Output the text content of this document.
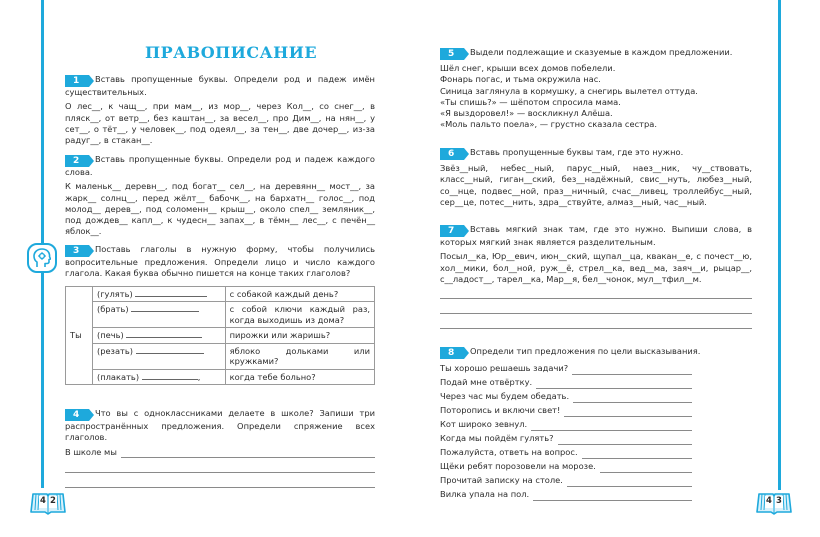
ПРАВОПИСАНИЕ
1 Вставь пропущенные буквы. Определи род и падеж имён существительных.
О лес__, к чащ__, при мам__, из мор__, через Кол__, со снег__, в пляск__, от ветр__, без каштан__, за весел__, про Дим__, на нян__, у сет__, о тёт__, у человек__, под одеял__, за тен__, две дочер__, из-за радуг__, в стакан__.
2 Вставь пропущенные буквы. Определи род и падеж каждого слова.
К маленьк__ деревн__, под богат__ сел__, на деревянн__ мост__, за жарк__ солнц__, перед жёлт__ бабочк__, на бархатн__ голос__, под молод__ дерев__, под соломенн__ крыш__, около спел__ земляник__, под дождев__ капл__, к чудесн__ запах__, в тёмн__ лес__, с печён__ яблок__.
3 Поставь глаголы в нужную форму, чтобы получились вопросительные предложения. Определи лицо и число каждого глагола. Какая буква обычно пишется на конце таких глаголов?
Ты	(гулять)	с собакой каждый день?
	(брать)	с собой ключи каждый раз, когда выходишь из дома?
	(печь)	пирожки или жаришь?
	(резать)	яблоко дольками или кружками?
	(плакать) ,	когда тебе больно?
4 Что вы с одноклассниками делаете в школе? Запиши три распространённых предложения. Определи спряжение всех глаголов.
В школе мы
4 2
5 Выдели подлежащие и сказуемые в каждом предложении.
Шёл снег, крыши всех домов побелели.
Фонарь погас, и тьма окружила нас.
Синица заглянула в кормушку, а снегирь вылетел оттуда.
«Ты спишь?» — шёпотом спросила мама.
«Я выздоровел!» — воскликнул Алёша.
«Моль пальто поела», — грустно сказала сестра.
6 Вставь пропущенные буквы там, где это нужно.
Звёз__ный, небес__ный, парус__ный, наез__ник, чу__ствовать, класс__ный, гиган__ский, без__надёжный, свис__нуть, любез__ный, со__нце, подвес__ной, праз__ничный, счас__ливец, троллейбус__ный, сер__це, потес__нить, здра__ствуйте, алмаз__ный, час__ный.
7 Вставь мягкий знак там, где это нужно. Выпиши слова, в которых мягкий знак является разделительным.
Посыл__ка, Юр__евич, июн__ский, щупал__ца, квакан__е, с почест__ю, хол__мики, бол__ной, руж__ё, стрел__ка, вед__ма, заяч__и, рыцар__, с__ладост__, тарел__ка, Мар__я, бел__чонок, мул__тфил__м.
8 Определи тип предложения по цели высказывания.
Ты хорошо решаешь задачи?
Подай мне отвёртку.
Через час мы будем обедать.
Поторопись и включи свет!
Кот широко зевнул.
Когда мы пойдём гулять?
Пожалуйста, ответь на вопрос.
Щёки ребят порозовели на морозе.
Прочитай записку на столе.
Вилка упала на пол.
4 3
